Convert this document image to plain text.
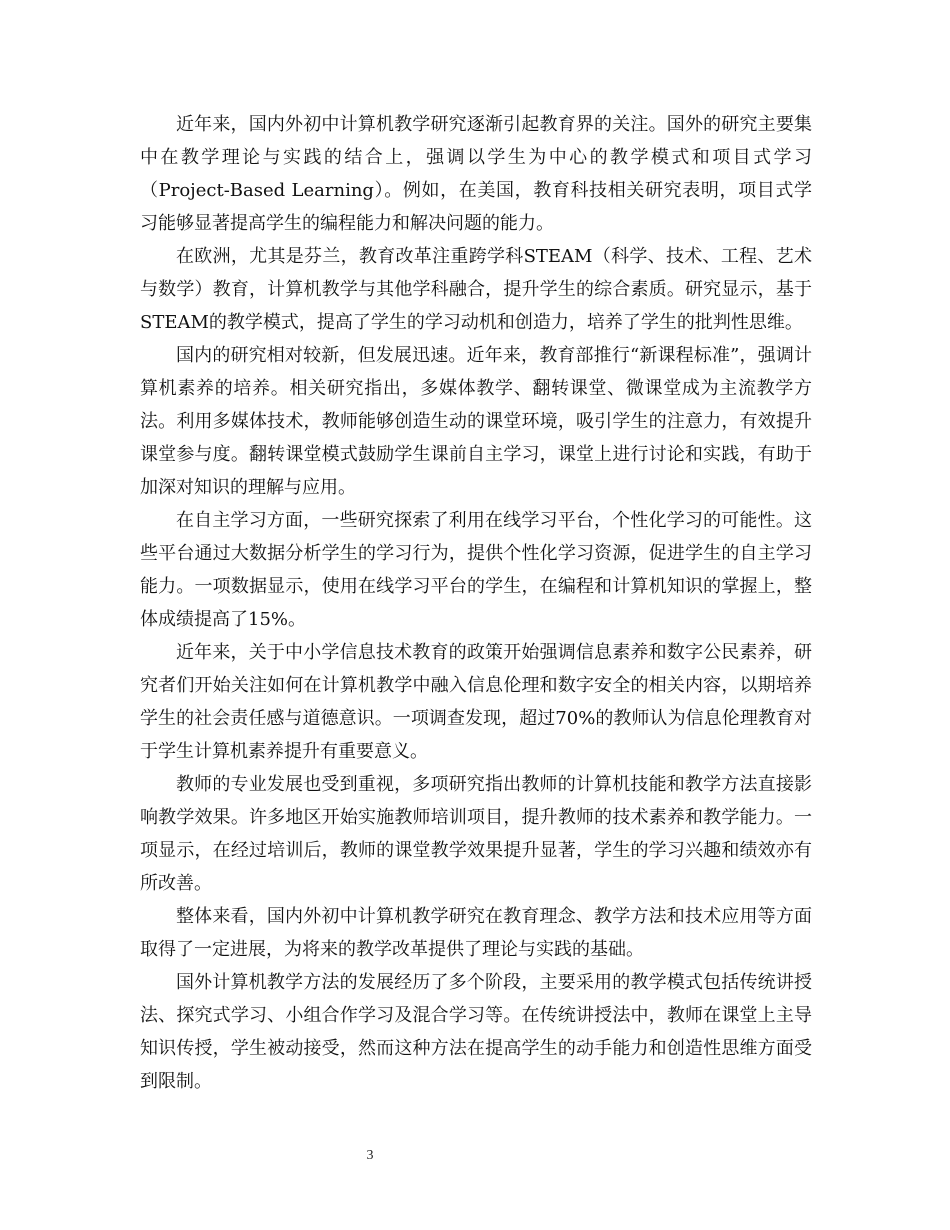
近年来，国内外初中计算机教学研究逐渐引起教育界的关注。国外的研究主要集中在教学理论与实践的结合上，强调以学生为中心的教学模式和项目式学习（Project-Based Learning）。例如，在美国，教育科技相关研究表明，项目式学习能够显著提高学生的编程能力和解决问题的能力。

在欧洲，尤其是芬兰，教育改革注重跨学科STEAM（科学、技术、工程、艺术与数学）教育，计算机教学与其他学科融合，提升学生的综合素质。研究显示，基于STEAM的教学模式，提高了学生的学习动机和创造力，培养了学生的批判性思维。

国内的研究相对较新，但发展迅速。近年来，教育部推行“新课程标准”，强调计算机素养的培养。相关研究指出，多媒体教学、翻转课堂、微课堂成为主流教学方法。利用多媒体技术，教师能够创造生动的课堂环境，吸引学生的注意力，有效提升课堂参与度。翻转课堂模式鼓励学生课前自主学习，课堂上进行讨论和实践，有助于加深对知识的理解与应用。

在自主学习方面，一些研究探索了利用在线学习平台，个性化学习的可能性。这些平台通过大数据分析学生的学习行为，提供个性化学习资源，促进学生的自主学习能力。一项数据显示，使用在线学习平台的学生，在编程和计算机知识的掌握上，整体成绩提高了15%。

近年来，关于中小学信息技术教育的政策开始强调信息素养和数字公民素养，研究者们开始关注如何在计算机教学中融入信息伦理和数字安全的相关内容，以期培养学生的社会责任感与道德意识。一项调查发现，超过70%的教师认为信息伦理教育对于学生计算机素养提升有重要意义。

教师的专业发展也受到重视，多项研究指出教师的计算机技能和教学方法直接影响教学效果。许多地区开始实施教师培训项目，提升教师的技术素养和教学能力。一项显示，在经过培训后，教师的课堂教学效果提升显著，学生的学习兴趣和绩效亦有所改善。

整体来看，国内外初中计算机教学研究在教育理念、教学方法和技术应用等方面取得了一定进展，为将来的教学改革提供了理论与实践的基础。

国外计算机教学方法的发展经历了多个阶段，主要采用的教学模式包括传统讲授法、探究式学习、小组合作学习及混合学习等。在传统讲授法中，教师在课堂上主导知识传授，学生被动接受，然而这种方法在提高学生的动手能力和创造性思维方面受到限制。

3
